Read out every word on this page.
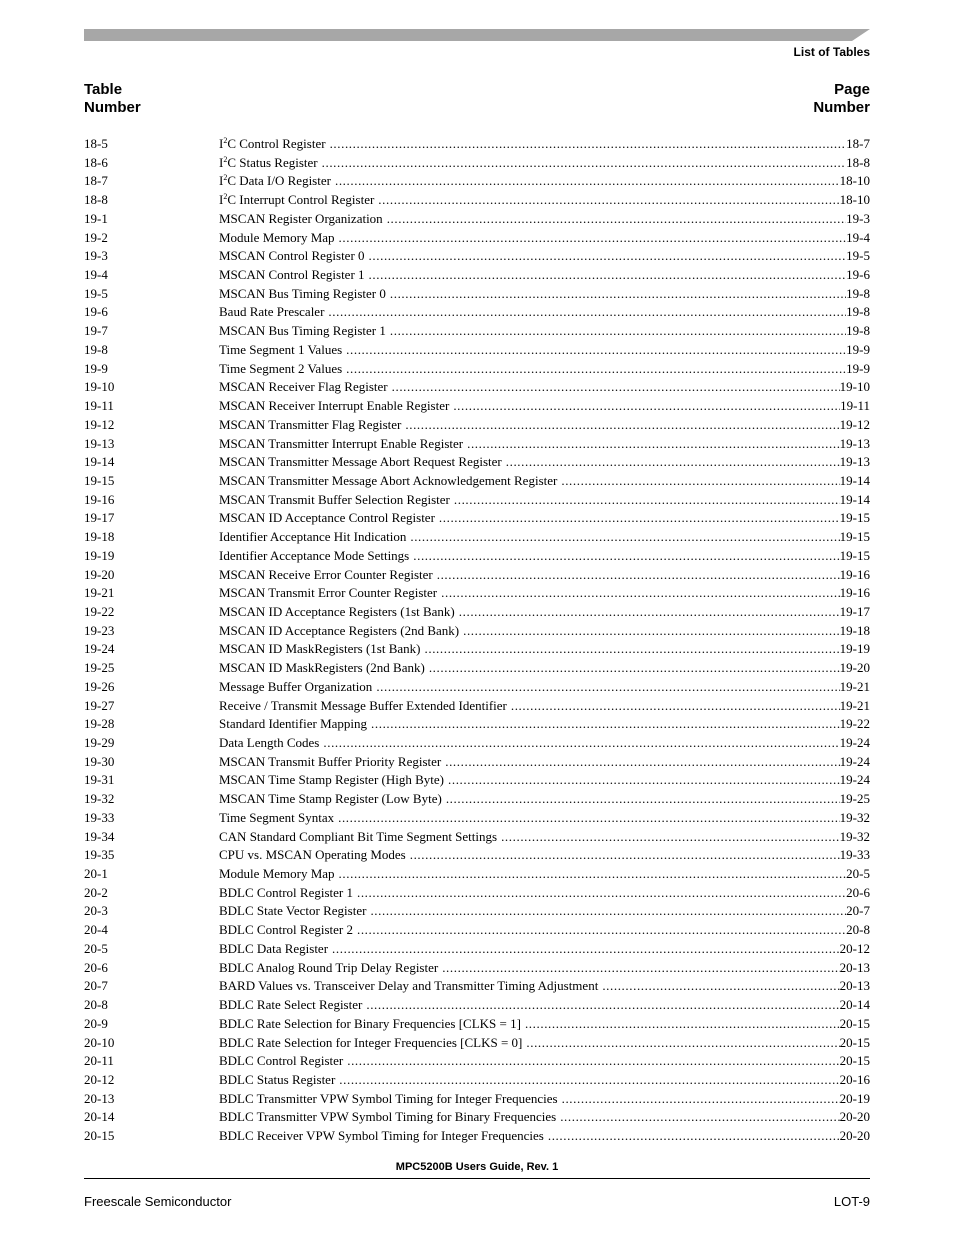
List of Tables
Table
Number
Page
Number
18-5	$I^2C$ Control Register .....	18-7
18-6	$I^2C$ Status Register .....	18-8
18-7	$I^2C$ Data I/O Register .....	18-10
18-8	$I^2C$ Interrupt Control Register .....	18-10
19-1	MSCAN Register Organization .....	19-3
19-2	Module Memory Map .....	19-4
19-3	MSCAN Control Register 0 .....	19-5
19-4	MSCAN Control Register 1 .....	19-6
19-5	MSCAN Bus Timing Register 0 .....	19-8
19-6	Baud Rate Prescaler .....	19-8
19-7	MSCAN Bus Timing Register 1 .....	19-8
19-8	Time Segment 1 Values .....	19-9
19-9	Time Segment 2 Values .....	19-9
19-10	MSCAN Receiver Flag Register .....	19-10
19-11	MSCAN Receiver Interrupt Enable Register .....	19-11
19-12	MSCAN Transmitter Flag Register .....	19-12
19-13	MSCAN Transmitter Interrupt Enable Register .....	19-13
19-14	MSCAN Transmitter Message Abort Request Register .....	19-13
19-15	MSCAN Transmitter Message Abort Acknowledgement Register .....	19-14
19-16	MSCAN Transmit Buffer Selection Register .....	19-14
19-17	MSCAN ID Acceptance Control Register .....	19-15
19-18	Identifier Acceptance Hit Indication .....	19-15
19-19	Identifier Acceptance Mode Settings .....	19-15
19-20	MSCAN Receive Error Counter Register .....	19-16
19-21	MSCAN Transmit Error Counter Register .....	19-16
19-22	MSCAN ID Acceptance Registers (1st Bank) .....	19-17
19-23	MSCAN ID Acceptance Registers (2nd Bank) .....	19-18
19-24	MSCAN ID MaskRegisters (1st Bank) .....	19-19
19-25	MSCAN ID MaskRegisters (2nd Bank) .....	19-20
19-26	Message Buffer Organization .....	19-21
19-27	Receive / Transmit Message Buffer Extended Identifier .....	19-21
19-28	Standard Identifier Mapping .....	19-22
19-29	Data Length Codes .....	19-24
19-30	MSCAN Transmit Buffer Priority Register .....	19-24
19-31	MSCAN Time Stamp Register (High Byte) .....	19-24
19-32	MSCAN Time Stamp Register (Low Byte) .....	19-25
19-33	Time Segment Syntax .....	19-32
19-34	CAN Standard Compliant Bit Time Segment Settings .....	19-32
19-35	CPU vs. MSCAN Operating Modes .....	19-33
20-1	Module Memory Map .....	20-5
20-2	BDLC Control Register 1 .....	20-6
20-3	BDLC State Vector Register .....	20-7
20-4	BDLC Control Register 2 .....	20-8
20-5	BDLC Data Register .....	20-12
20-6	BDLC Analog Round Trip Delay Register .....	20-13
20-7	BARD Values vs. Transceiver Delay and Transmitter Timing Adjustment .....	20-13
20-8	BDLC Rate Select Register .....	20-14
20-9	BDLC Rate Selection for Binary Frequencies [CLKS = 1] .....	20-15
20-10	BDLC Rate Selection for Integer Frequencies [CLKS = 0] .....	20-15
20-11	BDLC Control Register .....	20-15
20-12	BDLC Status Register .....	20-16
20-13	BDLC Transmitter VPW Symbol Timing for Integer Frequencies .....	20-19
20-14	BDLC Transmitter VPW Symbol Timing for Binary Frequencies .....	20-20
20-15	BDLC Receiver VPW Symbol Timing for Integer Frequencies .....	20-20
MPC5200B Users Guide, Rev. 1
Freescale Semiconductor	LOT-9
